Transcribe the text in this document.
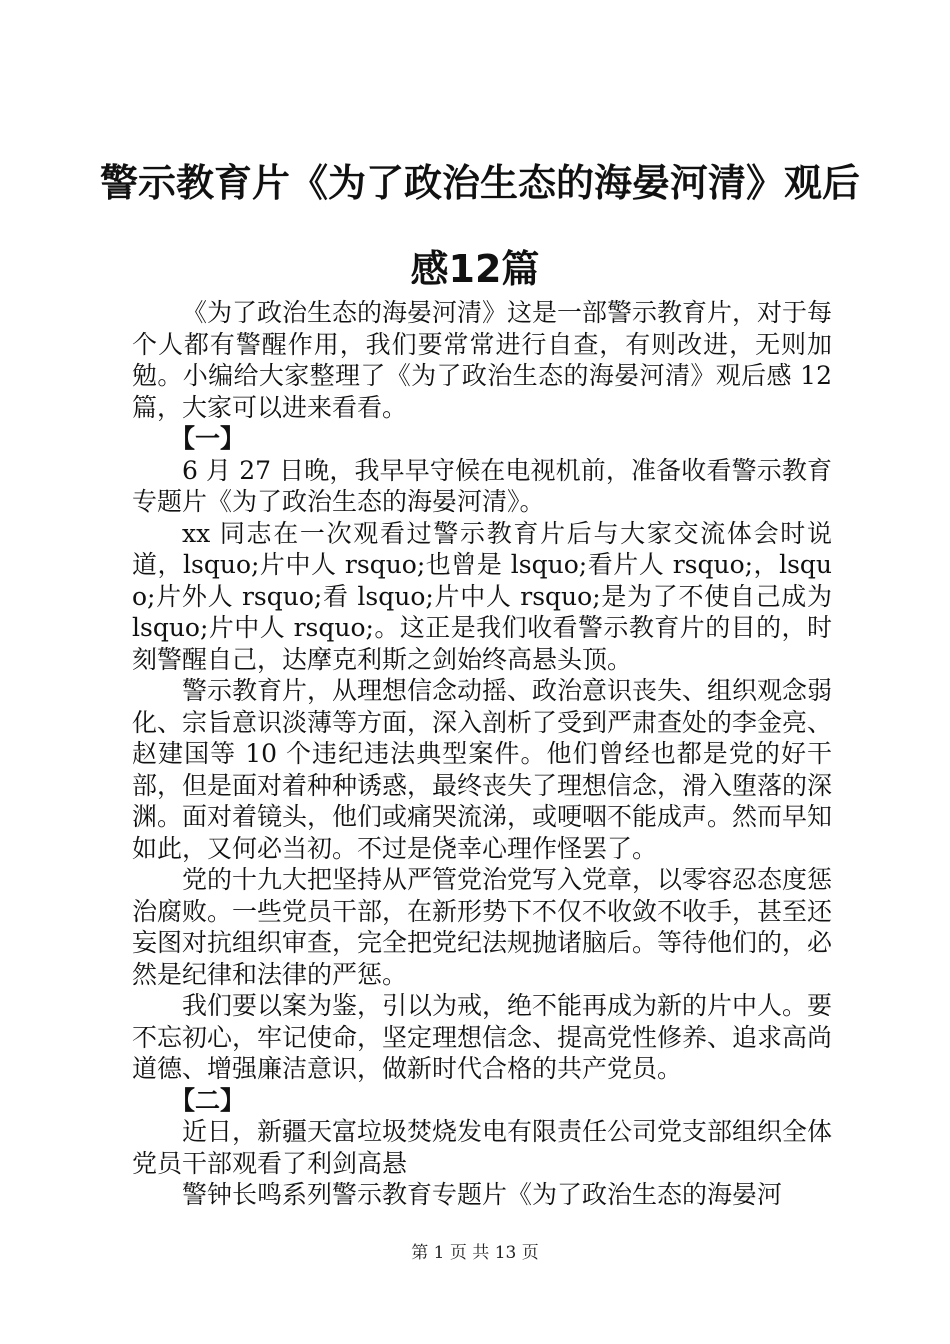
警示教育片《为了政治生态的海晏河清》观后
感12篇

《为了政治生态的海晏河清》这是一部警示教育片，对于每个人都有警醒作用，我们要常常进行自查，有则改进，无则加勉。小编给大家整理了《为了政治生态的海晏河清》观后感 12 篇，大家可以进来看看。

【一】

6 月 27 日晚，我早早守候在电视机前，准备收看警示教育专题片《为了政治生态的海晏河清》。

xx 同志在一次观看过警示教育片后与大家交流体会时说道，lsquo;片中人 rsquo;也曾是 lsquo;看片人 rsquo;，lsquo;片外人 rsquo;看 lsquo;片中人 rsquo;是为了不使自己成为 lsquo;片中人 rsquo;。这正是我们收看警示教育片的目的，时刻警醒自己，达摩克利斯之剑始终高悬头顶。

警示教育片，从理想信念动摇、政治意识丧失、组织观念弱化、宗旨意识淡薄等方面，深入剖析了受到严肃查处的李金亮、赵建国等 10 个违纪违法典型案件。他们曾经也都是党的好干部，但是面对着种种诱惑，最终丧失了理想信念，滑入堕落的深渊。面对着镜头，他们或痛哭流涕，或哽咽不能成声。然而早知如此，又何必当初。不过是侥幸心理作怪罢了。

党的十九大把坚持从严管党治党写入党章，以零容忍态度惩治腐败。一些党员干部，在新形势下不仅不收敛不收手，甚至还妄图对抗组织审查，完全把党纪法规抛诸脑后。等待他们的，必然是纪律和法律的严惩。

我们要以案为鉴，引以为戒，绝不能再成为新的片中人。要不忘初心，牢记使命，坚定理想信念、提高党性修养、追求高尚道德、增强廉洁意识，做新时代合格的共产党员。

【二】

近日，新疆天富垃圾焚烧发电有限责任公司党支部组织全体党员干部观看了利剑高悬

警钟长鸣系列警示教育专题片《为了政治生态的海晏河

第 1 页 共 13 页
